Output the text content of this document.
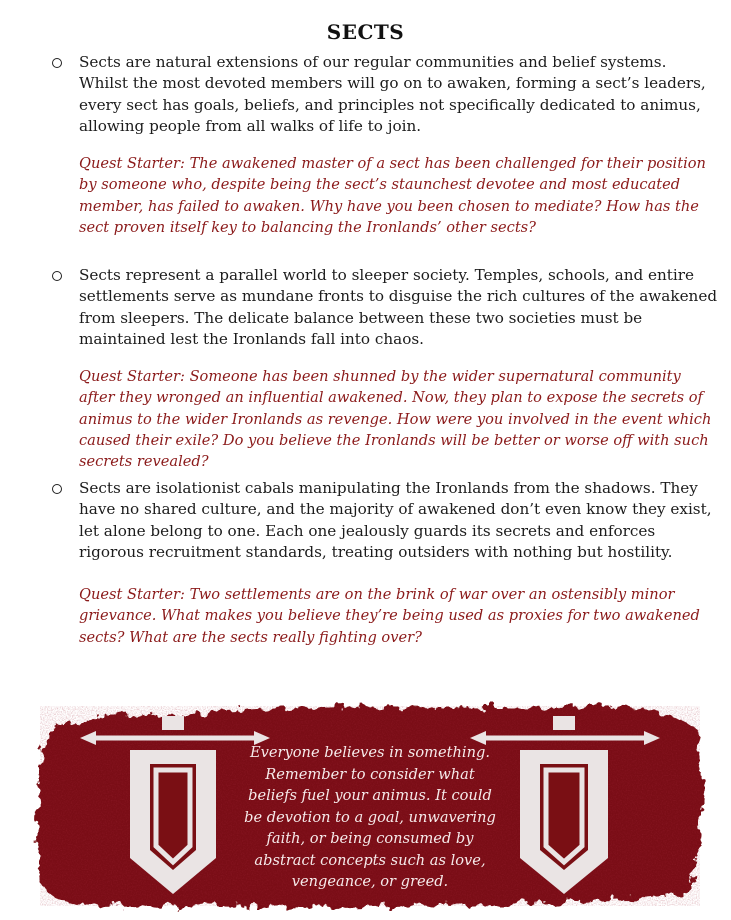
SECTS
Sects are natural extensions of our regular communities and belief systems. Whilst the most devoted members will go on to awaken, forming a sect’s leaders, every sect has goals, beliefs, and principles not specifically dedicated to animus, allowing people from all walks of life to join.
Quest Starter: The awakened master of a sect has been challenged for their position by someone who, despite being the sect’s staunchest devotee and most educated member, has failed to awaken. Why have you been chosen to mediate? How has the sect proven itself key to balancing the Ironlands’ other sects?
Sects represent a parallel world to sleeper society. Temples, schools, and entire settlements serve as mundane fronts to disguise the rich cultures of the awakened from sleepers. The delicate balance between these two societies must be maintained lest the Ironlands fall into chaos.
Quest Starter: Someone has been shunned by the wider supernatural community after they wronged an influential awakened. Now, they plan to expose the secrets of animus to the wider Ironlands as revenge. How were you involved in the event which caused their exile? Do you believe the Ironlands will be better or worse off with such secrets revealed?
Sects are isolationist cabals manipulating the Ironlands from the shadows. They have no shared culture, and the majority of awakened don’t even know they exist, let alone belong to one. Each one jealously guards its secrets and enforces rigorous recruitment standards, treating outsiders with nothing but hostility.
Quest Starter: Two settlements are on the brink of war over an ostensibly minor grievance. What makes you believe they’re being used as proxies for two awakened sects? What are the sects really fighting over?
Everyone believes in something. Remember to consider what beliefs fuel your animus. It could be devotion to a goal, unwavering faith, or being consumed by abstract concepts such as love, vengeance, or greed.
